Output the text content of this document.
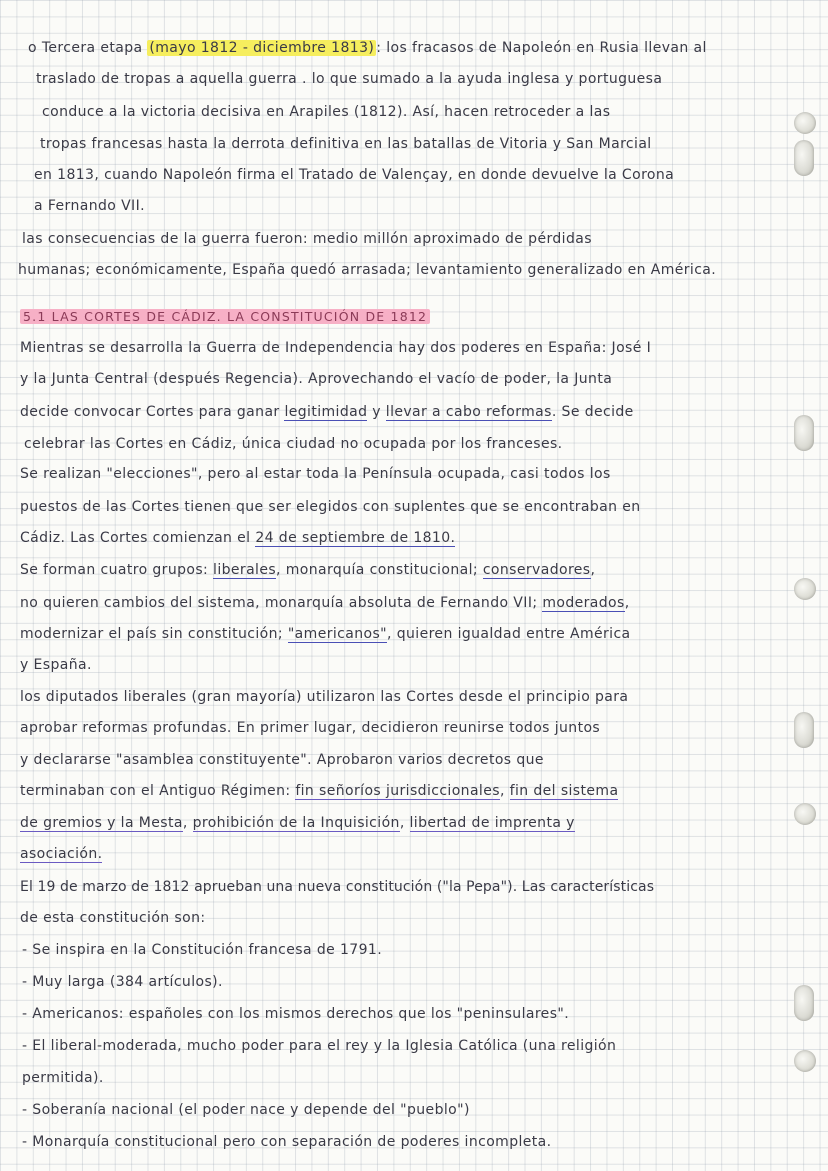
o Tercera etapa (mayo 1812 - diciembre 1813) : los fracasos de Napoleón en Rusia llevan al
traslado de tropas a aquella guerra . lo que sumado a la ayuda inglesa y portuguesa
conduce a la victoria decisiva en Arapiles (1812). Así, hacen retroceder a las
tropas francesas hasta la derrota definitiva en las batallas de Vitoria y San Marcial
en 1813, cuando Napoleón firma el Tratado de Valençay, en donde devuelve la Corona
a Fernando VII.
las consecuencias de la guerra fueron: medio millón aproximado de pérdidas
humanas; económicamente, España quedó arrasada; levantamiento generalizado en América.
5.1 LAS CORTES DE CÁDIZ. LA CONSTITUCIÓN DE 1812
Mientras se desarrolla la Guerra de Independencia hay dos poderes en España: José I
y la Junta Central (después Regencia). Aprovechando el vacío de poder, la Junta
decide convocar Cortes para ganar legitimidad y llevar a cabo reformas. Se decide
celebrar las Cortes en Cádiz, única ciudad no ocupada por los franceses.
Se realizan "elecciones", pero al estar toda la Península ocupada, casi todos los
puestos de las Cortes tienen que ser elegidos con suplentes que se encontraban en
Cádiz. Las Cortes comienzan el 24 de septiembre de 1810.
Se forman cuatro grupos: liberales, monarquía constitucional; conservadores,
no quieren cambios del sistema, monarquía absoluta de Fernando VII; moderados,
modernizar el país sin constitución; "americanos", quieren igualdad entre América
y España.
los diputados liberales (gran mayoría) utilizaron las Cortes desde el principio para
aprobar reformas profundas. En primer lugar, decidieron reunirse todos juntos
y declararse "asamblea constituyente". Aprobaron varios decretos que
terminaban con el Antiguo Régimen: fin señoríos jurisdiccionales, fin del sistema
de gremios y la Mesta, prohibición de la Inquisición, libertad de imprenta y
asociación.
El 19 de marzo de 1812 aprueban una nueva constitución ("la Pepa"). Las características
de esta constitución son:
- Se inspira en la Constitución francesa de 1791.
- Muy larga (384 artículos).
- Americanos: españoles con los mismos derechos que los "peninsulares".
- El liberal-moderada, mucho poder para el rey y la Iglesia Católica (una religión
permitida).
- Soberanía nacional (el poder nace y depende del "pueblo")
- Monarquía constitucional pero con separación de poderes incompleta.
